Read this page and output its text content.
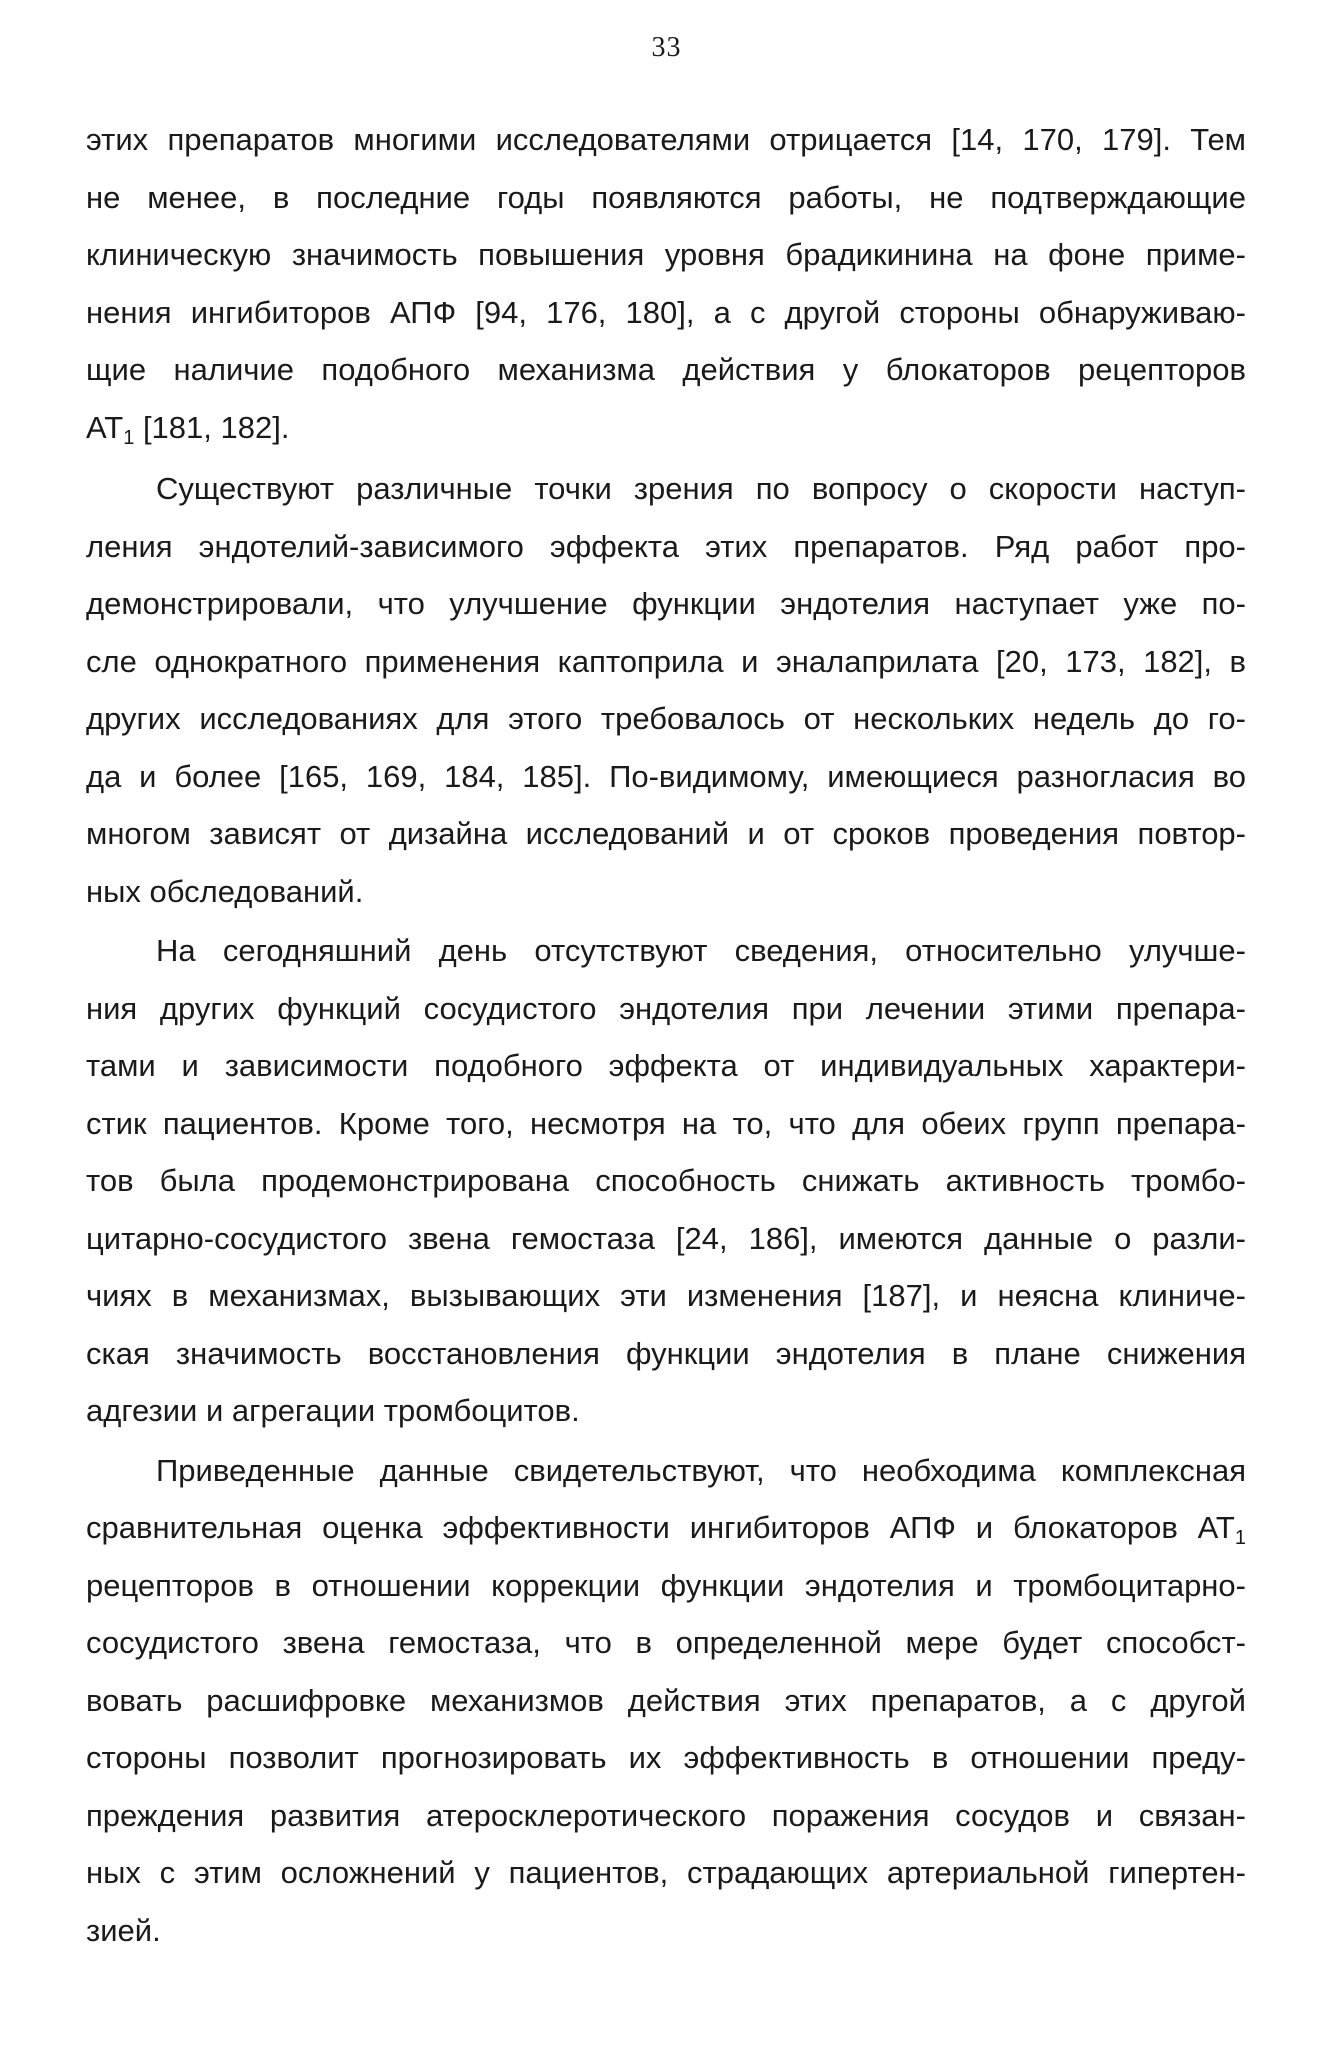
33
этих препаратов многими исследователями отрицается [14, 170, 179]. Тем
не менее, в последние годы появляются работы, не подтверждающие
клиническую значимость повышения уровня брадикинина на фоне приме-
нения ингибиторов АПФ [94, 176, 180], а с другой стороны обнаруживаю-
щие наличие подобного механизма действия у блокаторов рецепторов
$АТ_1$ [181, 182].
Существуют различные точки зрения по вопросу о скорости наступ-
ления эндотелий-зависимого эффекта этих препаратов. Ряд работ про-
демонстрировали, что улучшение функции эндотелия наступает уже по-
сле однократного применения каптоприла и эналаприлата [20, 173, 182], в
других исследованиях для этого требовалось от нескольких недель до го-
да и более [165, 169, 184, 185]. По-видимому, имеющиеся разногласия во
многом зависят от дизайна исследований и от сроков проведения повтор-
ных обследований.
На сегодняшний день отсутствуют сведения, относительно улучше-
ния других функций сосудистого эндотелия при лечении этими препара-
тами и зависимости подобного эффекта от индивидуальных характери-
стик пациентов. Кроме того, несмотря на то, что для обеих групп препара-
тов была продемонстрирована способность снижать активность тромбо-
цитарно-сосудистого звена гемостаза [24, 186], имеются данные о разли-
чиях в механизмах, вызывающих эти изменения [187], и неясна клиниче-
ская значимость восстановления функции эндотелия в плане снижения
адгезии и агрегации тромбоцитов.
Приведенные данные свидетельствуют, что необходима комплексная
сравнительная оценка эффективности ингибиторов АПФ и блокаторов $АТ_1$
рецепторов в отношении коррекции функции эндотелия и тромбоцитарно-
сосудистого звена гемостаза, что в определенной мере будет способст-
вовать расшифровке механизмов действия этих препаратов, а с другой
стороны позволит прогнозировать их эффективность в отношении преду-
преждения развития атеросклеротического поражения сосудов и связан-
ных с этим осложнений у пациентов, страдающих артериальной гипертен-
зией.
